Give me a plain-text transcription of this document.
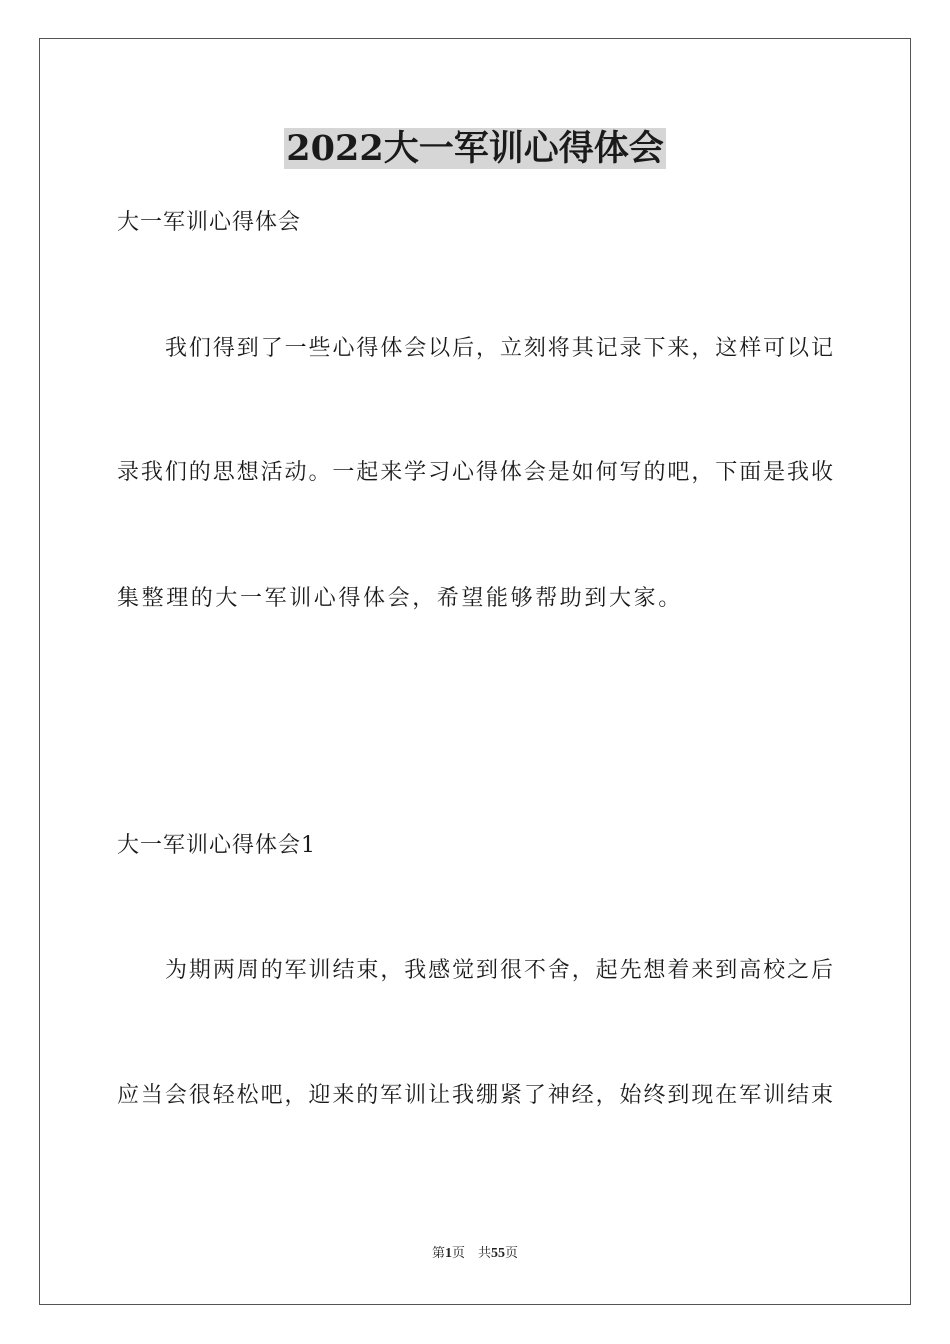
2022大一军训心得体会

大一军训心得体会

我们得到了一些心得体会以后，立刻将其记录下来，这样可以记

录我们的思想活动。一起来学习心得体会是如何写的吧，下面是我收

集整理的大一军训心得体会，希望能够帮助到大家。

大一军训心得体会1

为期两周的军训结束，我感觉到很不舍，起先想着来到高校之后

应当会很轻松吧，迎来的军训让我绷紧了神经，始终到现在军训结束

第1页　共55页
